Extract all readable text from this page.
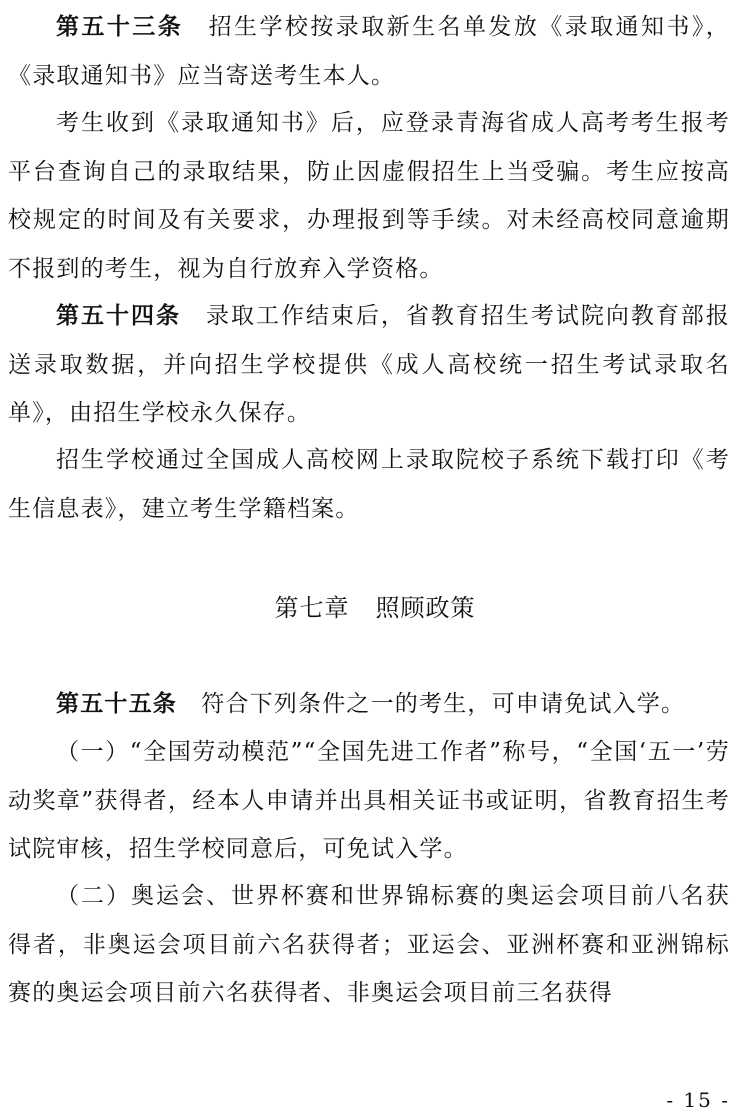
第五十三条　招生学校按录取新生名单发放《录取通知书》，《录取通知书》应当寄送考生本人。

考生收到《录取通知书》后，应登录青海省成人高考考生报考平台查询自己的录取结果，防止因虚假招生上当受骗。考生应按高校规定的时间及有关要求，办理报到等手续。对未经高校同意逾期不报到的考生，视为自行放弃入学资格。

第五十四条　录取工作结束后，省教育招生考试院向教育部报送录取数据，并向招生学校提供《成人高校统一招生考试录取名单》，由招生学校永久保存。

招生学校通过全国成人高校网上录取院校子系统下载打印《考生信息表》，建立考生学籍档案。

第七章 照顾政策

第五十五条　符合下列条件之一的考生，可申请免试入学。

（一）“全国劳动模范”“全国先进工作者”称号，“全国‘五一’劳动奖章”获得者，经本人申请并出具相关证书或证明，省教育招生考试院审核，招生学校同意后，可免试入学。

（二）奥运会、世界杯赛和世界锦标赛的奥运会项目前八名获得者，非奥运会项目前六名获得者；亚运会、亚洲杯赛和亚洲锦标赛的奥运会项目前六名获得者、非奥运会项目前三名获得

- 15 -
